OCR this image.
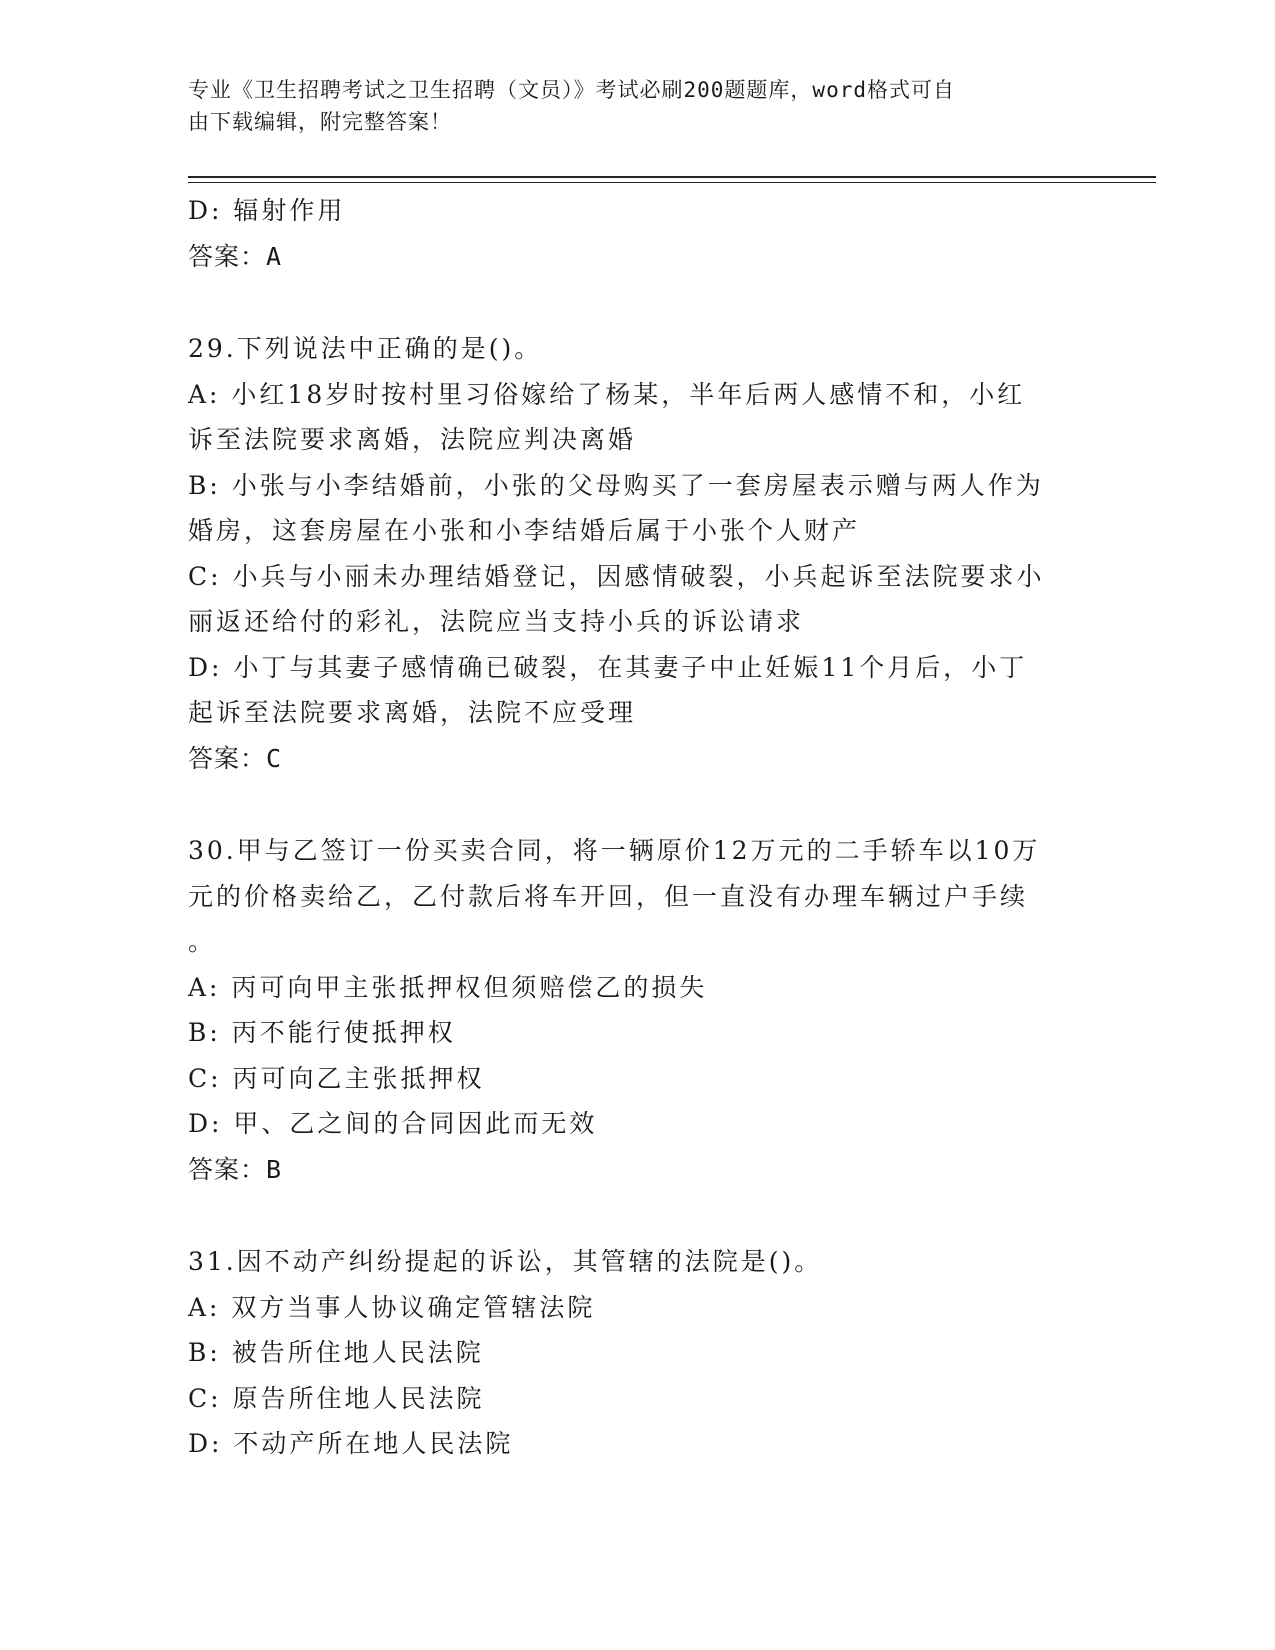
专业《卫生招聘考试之卫生招聘（文员）》考试必刷200题题库，word格式可自
由下载编辑，附完整答案！
D: 辐射作用
答案：A
29.下列说法中正确的是()。
A: 小红18岁时按村里习俗嫁给了杨某，半年后两人感情不和，小红
诉至法院要求离婚，法院应判决离婚
B: 小张与小李结婚前，小张的父母购买了一套房屋表示赠与两人作为
婚房，这套房屋在小张和小李结婚后属于小张个人财产
C: 小兵与小丽未办理结婚登记，因感情破裂，小兵起诉至法院要求小
丽返还给付的彩礼，法院应当支持小兵的诉讼请求
D: 小丁与其妻子感情确已破裂，在其妻子中止妊娠11个月后，小丁
起诉至法院要求离婚，法院不应受理
答案：C
30.甲与乙签订一份买卖合同，将一辆原价12万元的二手轿车以10万
元的价格卖给乙，乙付款后将车开回，但一直没有办理车辆过户手续
。
A: 丙可向甲主张抵押权但须赔偿乙的损失
B: 丙不能行使抵押权
C: 丙可向乙主张抵押权
D: 甲、乙之间的合同因此而无效
答案：B
31.因不动产纠纷提起的诉讼，其管辖的法院是()。
A: 双方当事人协议确定管辖法院
B: 被告所住地人民法院
C: 原告所住地人民法院
D: 不动产所在地人民法院
